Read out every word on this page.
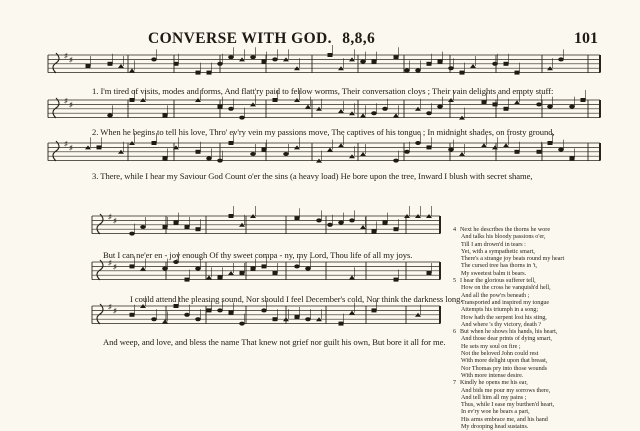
CONVERSE WITH GOD. 8,8,6	101
♯ ♯
♯ ♯
♯ ♯
♯ ♯
♯ ♯
♯ ♯
1. I'm tired of visits, modes and forms, And flatt'ry paid to fellow worms, Their conversation cloys ; Their vain delights and empty stuff:
2. When he begins to tell his love, Thro' ev'ry vein my passions move, The captives of his tongue ; In midnight shades, on frosty ground,
3. There, while I hear my Saviour God Count o'er the sins (a heavy load) He bore upon the tree, Inward I blush with secret shame,
But I can ne'er en - joy enough Of thy sweet compa - ny, my Lord, Thou life of all my joys.
I could attend the pleasing sound, Nor should I feel December's cold, Nor think the darkness long.
And weep, and love, and bless the name That knew not grief nor guilt his own, But bore it all for me.
4 Next he describes the thorns he wore
And talks his bloody passions o'er,
Till I am drown'd in tears :
Yet, with a sympathetic smart,
There's a strange joy beats round my heart
The cursed tree has thorns in 't,
My sweetest balm it bears.
5 I hear the glorious sufferer tell,
How on the cross he vanquish'd hell,
And all the pow'rs beneath ;
Transported and inspired my tongue
Attempts his triumph in a song;
How hath the serpent lost his sting,
And where 's thy victory, death ?
6 But when he shows his hands, his heart,
And those dear prints of dying smart,
He sets my soul on fire ;
Not the beloved John could rest
With more delight upon that breast,
Nor Thomas pry into those wounds
With more intense desire.
7 Kindly he opens me his ear,
And bids me pour my sorrows there,
And tell him all my pains ;
Thus, while I ease my burthen'd heart,
In ev'ry woe he bears a part,
His arms embrace me, and his hand
My drooping head sustains.
